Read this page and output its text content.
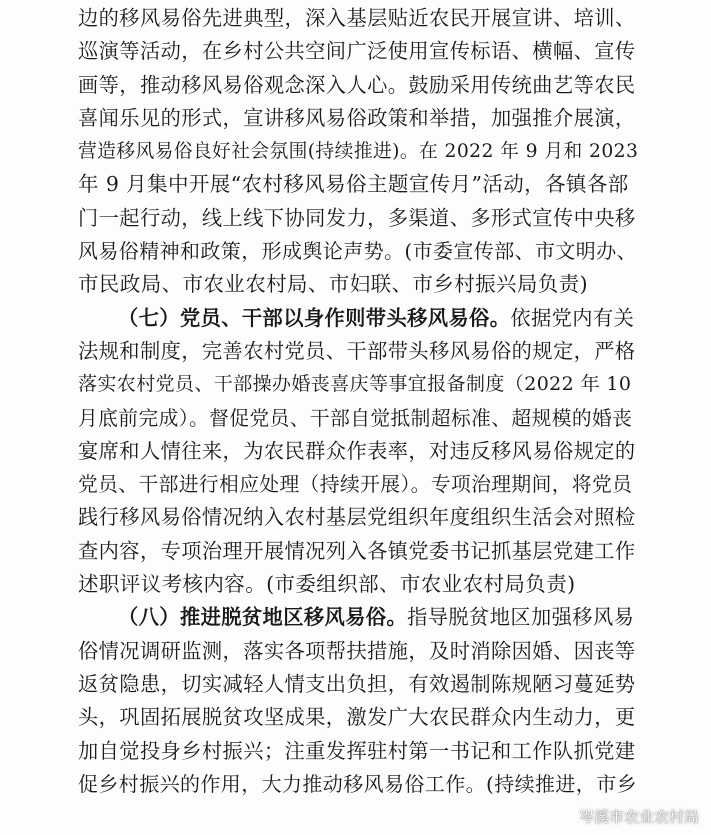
边的移风易俗先进典型，深入基层贴近农民开展宣讲、培训、
巡演等活动，在乡村公共空间广泛使用宣传标语、横幅、宣传
画等，推动移风易俗观念深入人心。鼓励采用传统曲艺等农民
喜闻乐见的形式，宣讲移风易俗政策和举措，加强推介展演，
营造移风易俗良好社会氛围(持续推进)。在 2022 年 9 月和 2023
年 9 月集中开展“农村移风易俗主题宣传月”活动，各镇各部
门一起行动，线上线下协同发力，多渠道、多形式宣传中央移
风易俗精神和政策，形成舆论声势。(市委宣传部、市文明办、
市民政局、市农业农村局、市妇联、市乡村振兴局负责)
（七）党员、干部以身作则带头移风易俗。依据党内有关
法规和制度，完善农村党员、干部带头移风易俗的规定，严格
落实农村党员、干部操办婚丧喜庆等事宜报备制度（2022 年 10
月底前完成）。督促党员、干部自觉抵制超标准、超规模的婚丧
宴席和人情往来，为农民群众作表率，对违反移风易俗规定的
党员、干部进行相应处理（持续开展）。专项治理期间，将党员
践行移风易俗情况纳入农村基层党组织年度组织生活会对照检
查内容，专项治理开展情况列入各镇党委书记抓基层党建工作
述职评议考核内容。(市委组织部、市农业农村局负责)
（八）推进脱贫地区移风易俗。指导脱贫地区加强移风易
俗情况调研监测，落实各项帮扶措施，及时消除因婚、因丧等
返贫隐患，切实减轻人情支出负担，有效遏制陈规陋习蔓延势
头，巩固拓展脱贫攻坚成果，激发广大农民群众内生动力，更
加自觉投身乡村振兴；注重发挥驻村第一书记和工作队抓党建
促乡村振兴的作用，大力推动移风易俗工作。(持续推进，市乡
岑溪市农业农村局
